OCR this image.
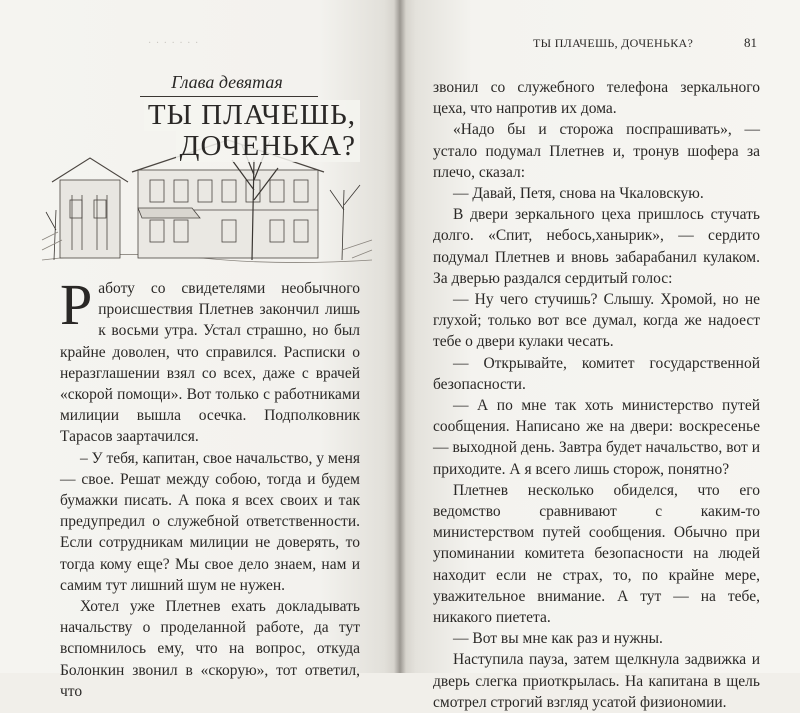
· · · · · · ·
Глава девятая
ТЫ ПЛАЧЕШЬ,
ДОЧЕНЬКА?

Работу со свидетелями необычного происшествия Плетнев закончил лишь к восьми утра. Устал страшно, но был крайне доволен, что справился. Расписки о неразглашении взял со всех, даже с врачей «скорой помощи». Вот только с работниками милиции вышла осечка. Подполковник Тарасов заартачился.

– У тебя, капитан, свое начальство, у меня — свое. Решат между собою, тогда и будем бумажки писать. А пока я всех своих и так предупредил о служебной ответственности. Если сотрудникам милиции не доверять, то тогда кому еще? Мы свое дело знаем, нам и самим тут лишний шум не нужен.

Хотел уже Плетнев ехать докладывать начальству о проделанной работе, да тут вспомнилось ему, что на вопрос, откуда Болонкин звонил в «скорую», тот ответил, что

ТЫ ПЛАЧЕШЬ, ДОЧЕНЬКА?	81

звонил со служебного телефона зеркального цеха, что напротив их дома.

«Надо бы и сторожа поспрашивать», — устало подумал Плетнев и, тронув шофера за плечо, сказал:

— Давай, Петя, снова на Чкаловскую.

В двери зеркального цеха пришлось стучать долго. «Спит, небось,ханырик», — сердито подумал Плетнев и вновь забарабанил кулаком. За дверью раздался сердитый голос:

— Ну чего стучишь? Слышу. Хромой, но не глухой; только вот все думал, когда же надоест тебе о двери кулаки чесать.

— Открывайте, комитет государственной безопасности.

— А по мне так хоть министерство путей сообщения. Написано же на двери: воскресенье — выходной день. Завтра будет начальство, вот и приходите. А я всего лишь сторож, понятно?

Плетнев несколько обиделся, что его ведомство сравнивают с каким-то министерством путей сообщения. Обычно при упоминании комитета безопасности на людей находит если не страх, то, по крайне мере, уважительное внимание. А тут — на тебе, никакого пиетета.

— Вот вы мне как раз и нужны.

Наступила пауза, затем щелкнула задвижка и дверь слегка приоткрылась. На капитана в щель смотрел строгий взгляд усатой физиономии.
